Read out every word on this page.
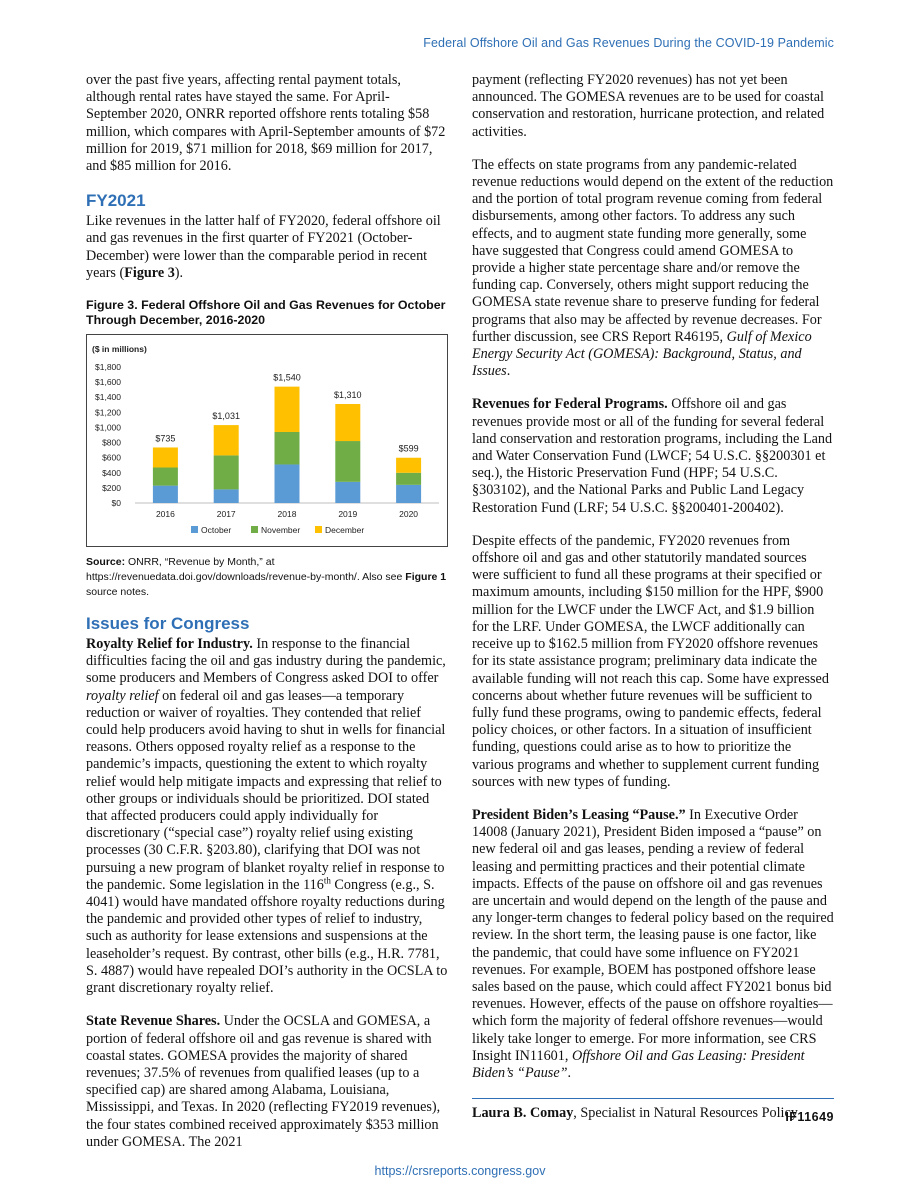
Federal Offshore Oil and Gas Revenues During the COVID-19 Pandemic

over the past five years, affecting rental payment totals, although rental rates have stayed the same. For April-September 2020, ONRR reported offshore rents totaling $58 million, which compares with April-September amounts of $72 million for 2019, $71 million for 2018, $69 million for 2017, and $85 million for 2016.

FY2021

Like revenues in the latter half of FY2020, federal offshore oil and gas revenues in the first quarter of FY2021 (October-December) were lower than the comparable period in recent years (Figure 3).

Figure 3. Federal Offshore Oil and Gas Revenues for October Through December, 2016-2020
($ in millions)
$0
$200
$400
$600
$800
$1,000
$1,200
$1,400
$1,600
$1,800
$735
2016
$1,031
2017
$1,540
2018
$1,310
2019
$599
2020
October	November	December

Source: ONRR, “Revenue by Month,” at https://revenuedata.doi.gov/downloads/revenue-by-month/. Also see Figure 1 source notes.

Issues for Congress

Royalty Relief for Industry. In response to the financial difficulties facing the oil and gas industry during the pandemic, some producers and Members of Congress asked DOI to offer royalty relief on federal oil and gas leases—a temporary reduction or waiver of royalties. They contended that relief could help producers avoid having to shut in wells for financial reasons. Others opposed royalty relief as a response to the pandemic’s impacts, questioning the extent to which royalty relief would help mitigate impacts and expressing that relief to other groups or individuals should be prioritized. DOI stated that affected producers could apply individually for discretionary (“special case”) royalty relief using existing processes (30 C.F.R. §203.80), clarifying that DOI was not pursuing a new program of blanket royalty relief in response to the pandemic. Some legislation in the 116th Congress (e.g., S. 4041) would have mandated offshore royalty reductions during the pandemic and provided other types of relief to industry, such as authority for lease extensions and suspensions at the leaseholder’s request. By contrast, other bills (e.g., H.R. 7781, S. 4887) would have repealed DOI’s authority in the OCSLA to grant discretionary royalty relief.

State Revenue Shares. Under the OCSLA and GOMESA, a portion of federal offshore oil and gas revenue is shared with coastal states. GOMESA provides the majority of shared revenues; 37.5% of revenues from qualified leases (up to a specified cap) are shared among Alabama, Louisiana, Mississippi, and Texas. In 2020 (reflecting FY2019 revenues), the four states combined received approximately $353 million under GOMESA. The 2021

payment (reflecting FY2020 revenues) has not yet been announced. The GOMESA revenues are to be used for coastal conservation and restoration, hurricane protection, and related activities.

The effects on state programs from any pandemic-related revenue reductions would depend on the extent of the reduction and the portion of total program revenue coming from federal disbursements, among other factors. To address any such effects, and to augment state funding more generally, some have suggested that Congress could amend GOMESA to provide a higher state percentage share and/or remove the funding cap. Conversely, others might support reducing the GOMESA state revenue share to preserve funding for federal programs that also may be affected by revenue decreases. For further discussion, see CRS Report R46195, Gulf of Mexico Energy Security Act (GOMESA): Background, Status, and Issues.

Revenues for Federal Programs. Offshore oil and gas revenues provide most or all of the funding for several federal land conservation and restoration programs, including the Land and Water Conservation Fund (LWCF; 54 U.S.C. §§200301 et seq.), the Historic Preservation Fund (HPF; 54 U.S.C. §303102), and the National Parks and Public Land Legacy Restoration Fund (LRF; 54 U.S.C. §§200401-200402).

Despite effects of the pandemic, FY2020 revenues from offshore oil and gas and other statutorily mandated sources were sufficient to fund all these programs at their specified or maximum amounts, including $150 million for the HPF, $900 million for the LWCF under the LWCF Act, and $1.9 billion for the LRF. Under GOMESA, the LWCF additionally can receive up to $162.5 million from FY2020 offshore revenues for its state assistance program; preliminary data indicate the available funding will not reach this cap. Some have expressed concerns about whether future revenues will be sufficient to fully fund these programs, owing to pandemic effects, federal policy choices, or other factors. In a situation of insufficient funding, questions could arise as to how to prioritize the various programs and whether to supplement current funding sources with new types of funding.

President Biden’s Leasing “Pause.” In Executive Order 14008 (January 2021), President Biden imposed a “pause” on new federal oil and gas leases, pending a review of federal leasing and permitting practices and their potential climate impacts. Effects of the pause on offshore oil and gas revenues are uncertain and would depend on the length of the pause and any longer-term changes to federal policy based on the required review. In the short term, the leasing pause is one factor, like the pandemic, that could have some influence on FY2021 revenues. For example, BOEM has postponed offshore lease sales based on the pause, which could affect FY2021 bonus bid revenues. However, effects of the pause on offshore royalties—which form the majority of federal offshore revenues—would likely take longer to emerge. For more information, see CRS Insight IN11601, Offshore Oil and Gas Leasing: President Biden’s “Pause”.

Laura B. Comay, Specialist in Natural Resources Policy
IF11649
https://crsreports.congress.gov
